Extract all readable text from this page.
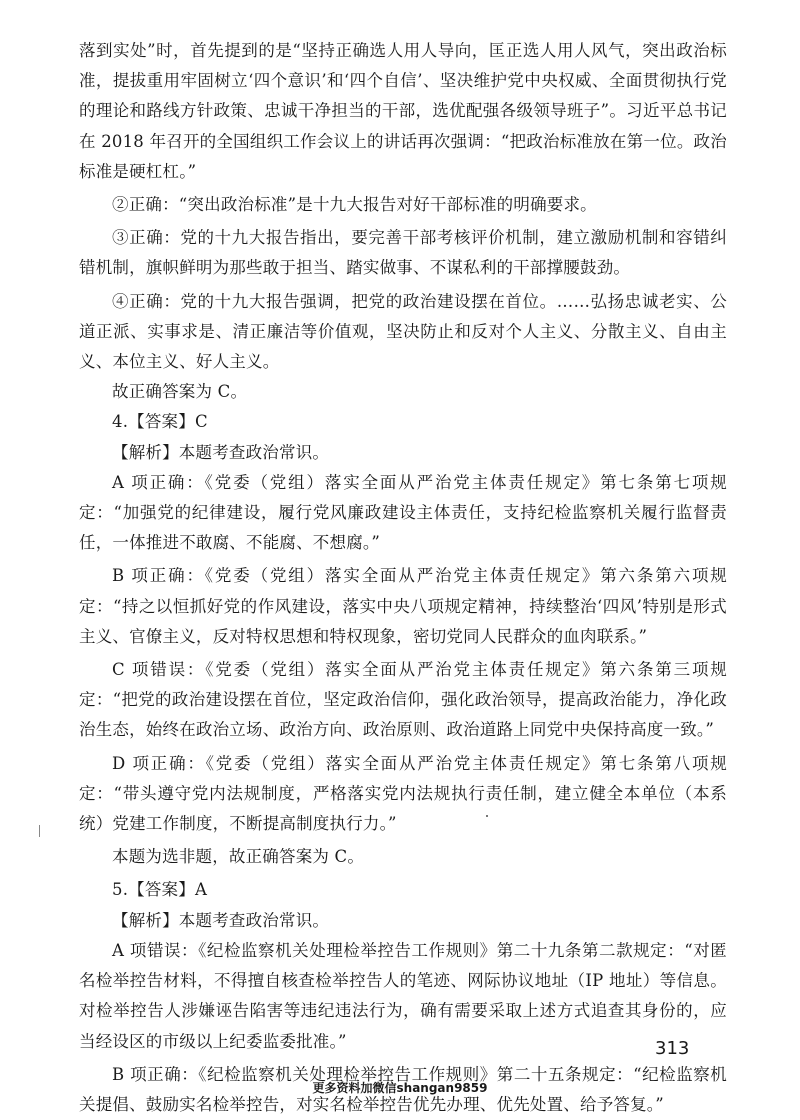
落到实处”时，首先提到的是“坚持正确选人用人导向，匡正选人用人风气，突出政治标准，提拔重用牢固树立‘四个意识’和‘四个自信’、坚决维护党中央权威、全面贯彻执行党的理论和路线方针政策、忠诚干净担当的干部，选优配强各级领导班子”。习近平总书记在 2018 年召开的全国组织工作会议上的讲话再次强调：“把政治标准放在第一位。政治标准是硬杠杠。”

②正确：“突出政治标准”是十九大报告对好干部标准的明确要求。

③正确：党的十九大报告指出，要完善干部考核评价机制，建立激励机制和容错纠错机制，旗帜鲜明为那些敢于担当、踏实做事、不谋私利的干部撑腰鼓劲。

④正确：党的十九大报告强调，把党的政治建设摆在首位。……弘扬忠诚老实、公道正派、实事求是、清正廉洁等价值观，坚决防止和反对个人主义、分散主义、自由主义、本位主义、好人主义。

故正确答案为 C。

4.【答案】C

【解析】本题考查政治常识。

A 项正确：《党委（党组）落实全面从严治党主体责任规定》第七条第七项规定：“加强党的纪律建设，履行党风廉政建设主体责任，支持纪检监察机关履行监督责任，一体推进不敢腐、不能腐、不想腐。”

B 项正确：《党委（党组）落实全面从严治党主体责任规定》第六条第六项规定：“持之以恒抓好党的作风建设，落实中央八项规定精神，持续整治‘四风’特别是形式主义、官僚主义，反对特权思想和特权现象，密切党同人民群众的血肉联系。”

C 项错误：《党委（党组）落实全面从严治党主体责任规定》第六条第三项规定：“把党的政治建设摆在首位，坚定政治信仰，强化政治领导，提高政治能力，净化政治生态，始终在政治立场、政治方向、政治原则、政治道路上同党中央保持高度一致。”

D 项正确：《党委（党组）落实全面从严治党主体责任规定》第七条第八项规定：“带头遵守党内法规制度，严格落实党内法规执行责任制，建立健全本单位（本系统）党建工作制度，不断提高制度执行力。”

本题为选非题，故正确答案为 C。

5.【答案】A

【解析】本题考查政治常识。

A 项错误：《纪检监察机关处理检举控告工作规则》第二十九条第二款规定：“对匿名检举控告材料，不得擅自核查检举控告人的笔迹、网际协议地址（IP 地址）等信息。对检举控告人涉嫌诬告陷害等违纪违法行为，确有需要采取上述方式追查其身份的，应当经设区的市级以上纪委监委批准。”

B 项正确：《纪检监察机关处理检举控告工作规则》第二十五条规定：“纪检监察机关提倡、鼓励实名检举控告，对实名检举控告优先办理、优先处置、给予答复。”

313
更多资料加微信shangan9859
